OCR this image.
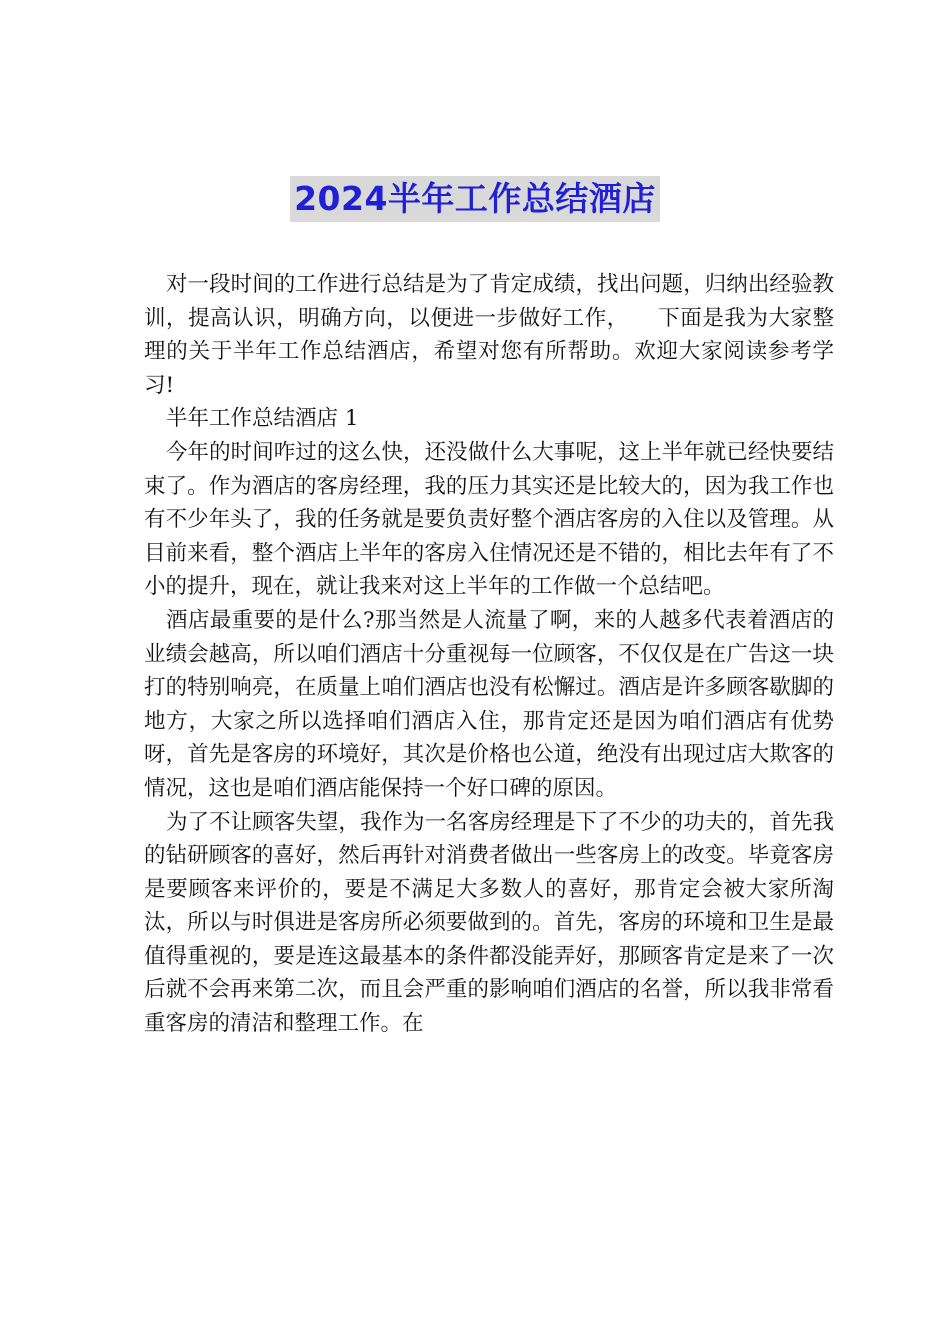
2024半年工作总结酒店

对一段时间的工作进行总结是为了肯定成绩，找出问题，归纳出经验教训，提高认识，明确方向，以便进一步做好工作，    下面是我为大家整理的关于半年工作总结酒店，希望对您有所帮助。欢迎大家阅读参考学习!

半年工作总结酒店 1

今年的时间咋过的这么快，还没做什么大事呢，这上半年就已经快要结束了。作为酒店的客房经理，我的压力其实还是比较大的，因为我工作也有不少年头了，我的任务就是要负责好整个酒店客房的入住以及管理。从目前来看，整个酒店上半年的客房入住情况还是不错的，相比去年有了不小的提升，现在，就让我来对这上半年的工作做一个总结吧。

酒店最重要的是什么?那当然是人流量了啊，来的人越多代表着酒店的业绩会越高，所以咱们酒店十分重视每一位顾客，不仅仅是在广告这一块打的特别响亮，在质量上咱们酒店也没有松懈过。酒店是许多顾客歇脚的地方，大家之所以选择咱们酒店入住，那肯定还是因为咱们酒店有优势呀，首先是客房的环境好，其次是价格也公道，绝没有出现过店大欺客的情况，这也是咱们酒店能保持一个好口碑的原因。

为了不让顾客失望，我作为一名客房经理是下了不少的功夫的，首先我的钻研顾客的喜好，然后再针对消费者做出一些客房上的改变。毕竟客房是要顾客来评价的，要是不满足大多数人的喜好，那肯定会被大家所淘汰，所以与时俱进是客房所必须要做到的。首先，客房的环境和卫生是最值得重视的，要是连这最基本的条件都没能弄好，那顾客肯定是来了一次后就不会再来第二次，而且会严重的影响咱们酒店的名誉，所以我非常看重客房的清洁和整理工作。在
